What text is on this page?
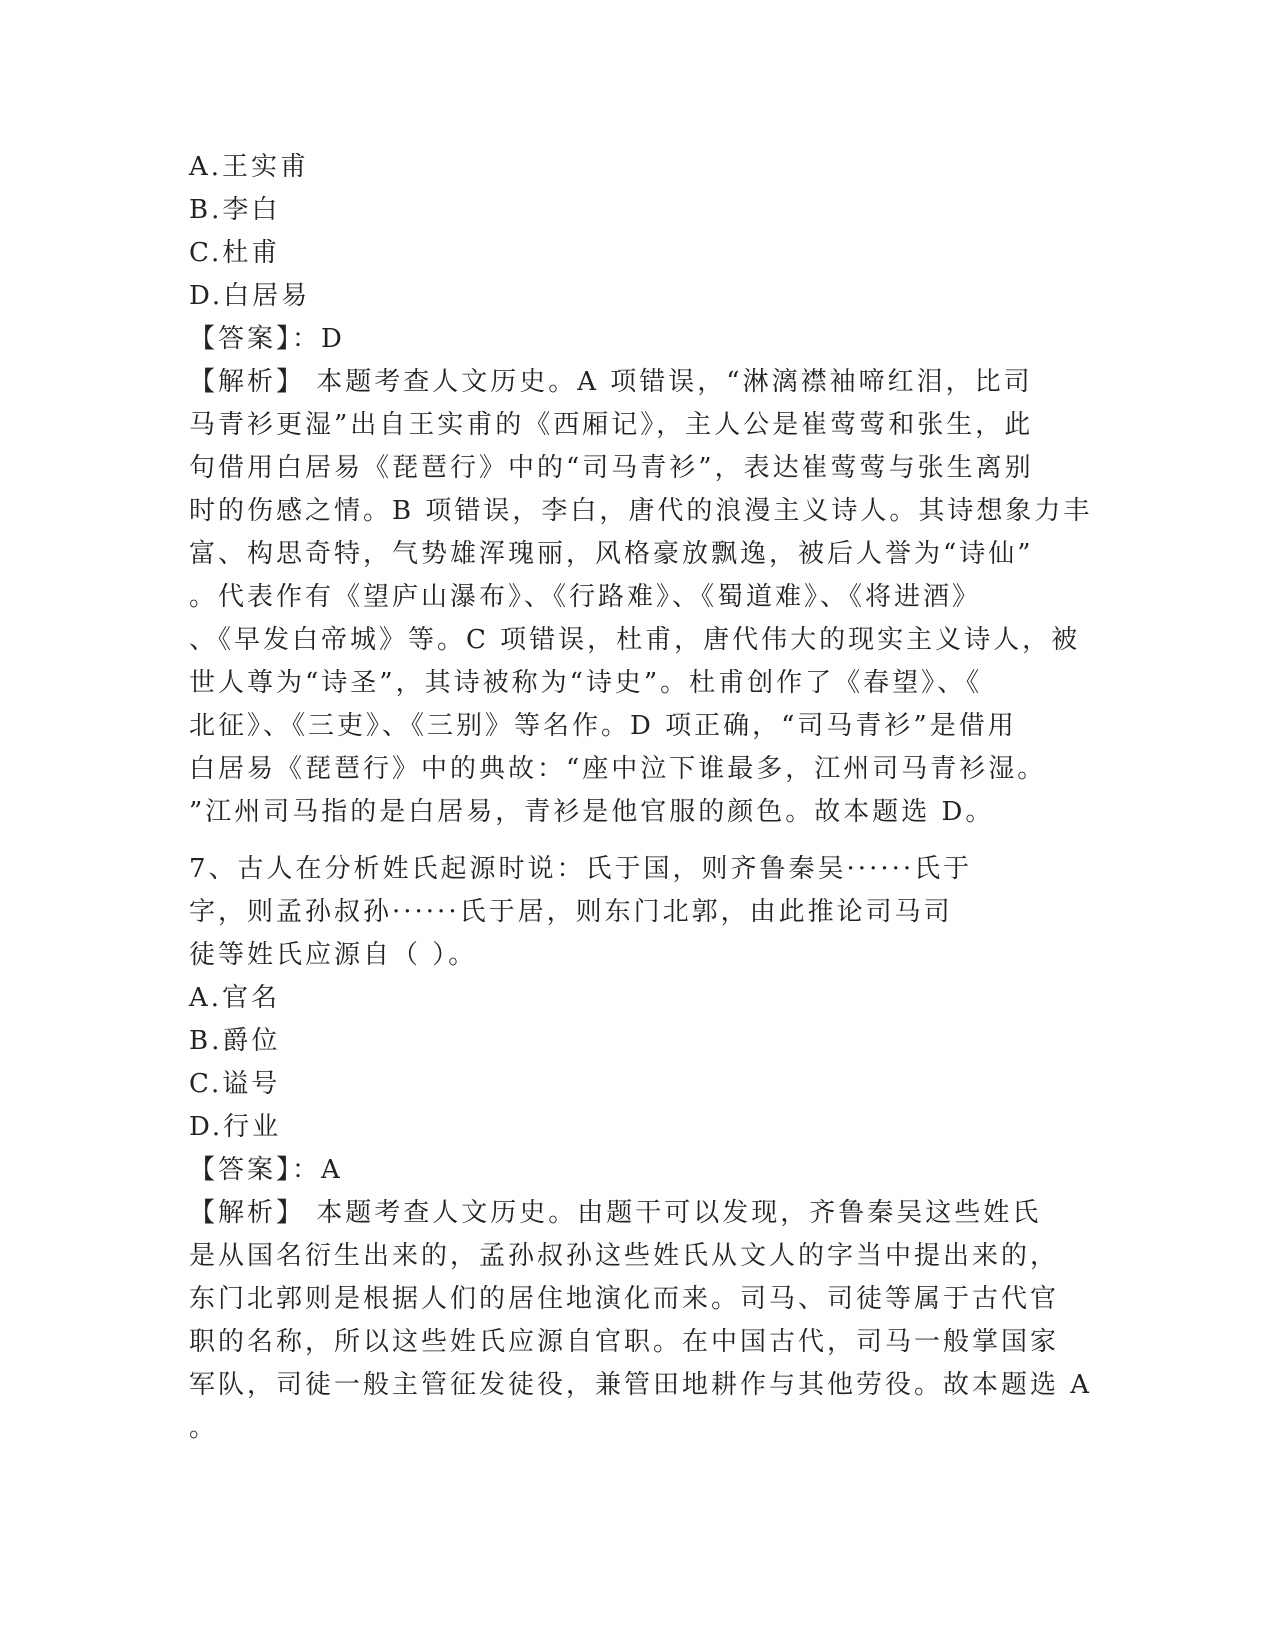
A.王实甫
B.李白
C.杜甫
D.白居易
【答案】：D
【解析】 本题考查人文历史。A 项错误，“淋漓襟袖啼红泪，比司
马青衫更湿”出自王实甫的《西厢记》，主人公是崔莺莺和张生，此
句借用白居易《琵琶行》中的“司马青衫”，表达崔莺莺与张生离别
时的伤感之情。B 项错误，李白，唐代的浪漫主义诗人。其诗想象力丰
富、构思奇特，气势雄浑瑰丽，风格豪放飘逸，被后人誉为“诗仙”
。代表作有《望庐山瀑布》、《行路难》、《蜀道难》、《将进酒》
、《早发白帝城》等。C 项错误，杜甫，唐代伟大的现实主义诗人，被
世人尊为“诗圣”，其诗被称为“诗史”。杜甫创作了《春望》、《
北征》、《三吏》、《三别》等名作。D 项正确，“司马青衫”是借用
白居易《琵琶行》中的典故：“座中泣下谁最多，江州司马青衫湿。
”江州司马指的是白居易，青衫是他官服的颜色。故本题选 D。
7、古人在分析姓氏起源时说：氏于国，则齐鲁秦吴······氏于
字，则孟孙叔孙······氏于居，则东门北郭，由此推论司马司
徒等姓氏应源自（ ）。
A.官名
B.爵位
C.谥号
D.行业
【答案】：A
【解析】 本题考查人文历史。由题干可以发现，齐鲁秦吴这些姓氏
是从国名衍生出来的，孟孙叔孙这些姓氏从文人的字当中提出来的，
东门北郭则是根据人们的居住地演化而来。司马、司徒等属于古代官
职的名称，所以这些姓氏应源自官职。在中国古代，司马一般掌国家
军队，司徒一般主管征发徒役，兼管田地耕作与其他劳役。故本题选 A
。
